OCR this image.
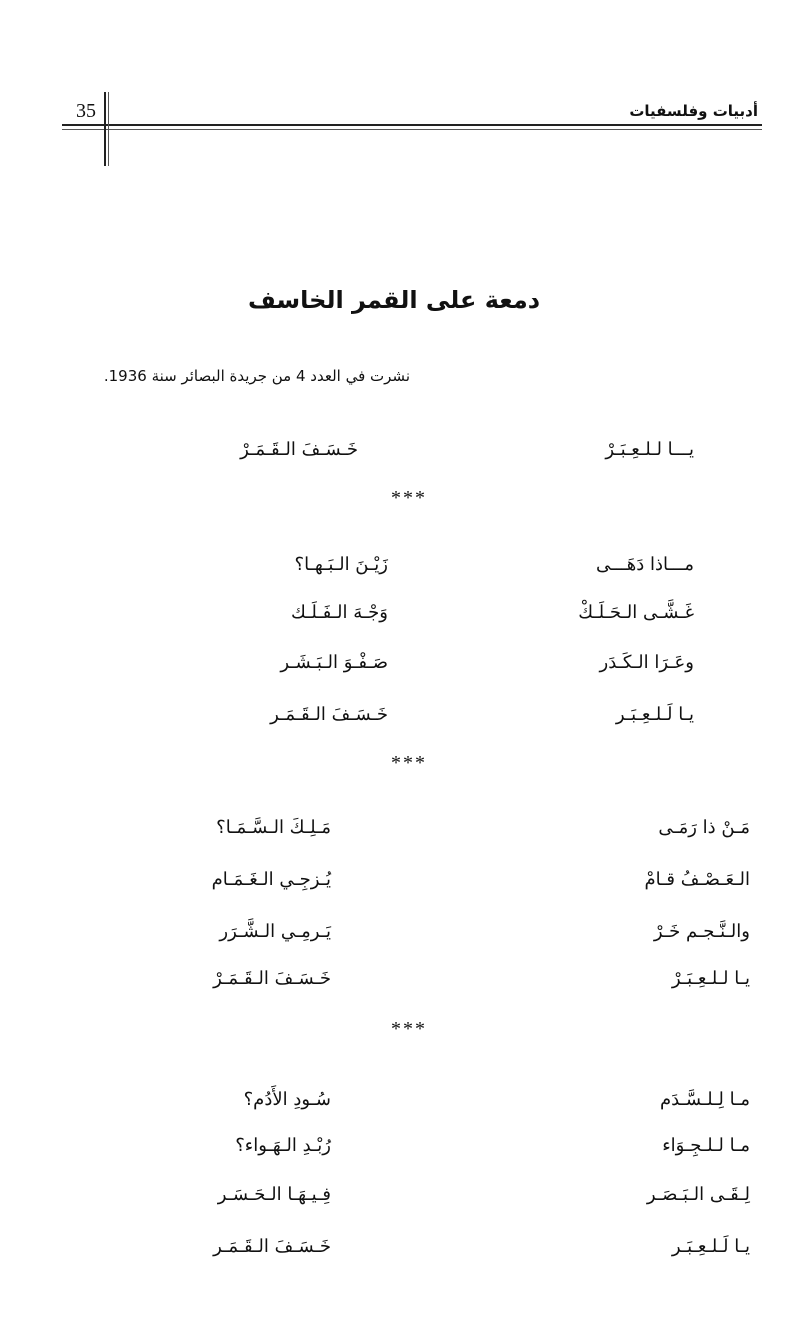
35	أدبيات وفلسفيات
دمعة على القمر الخاسف
نشرت في العدد 4 من جريدة البصائر سنة 1936.
يـــا لـلـعِـبَـرْ
خَـسَـفَ الـقَـمَـرْ
***
مـــاذا دَهَـــى
زَيْـنَ الـبَـهـا؟
غَـشَّـى الـحَـلَـكْ
وَجْـهَ الـفَـلَـك
وعَـرَا الـكَـدَر
صَـفْـوَ الـبَـشَـر
يـا لَـلـعِـبَـر
خَـسَـفَ الـقَـمَـر
***
مَـنْ ذا رَمَـى
مَـلِـكَ الـسَّـمَـا؟
الـعَـصْـفُ قـامْ
يُـزجِـي الـغَـمَـام
والـنَّـجـم خَـرْ
يَـرمِـي الـشَّـرَر
يـا لـلـعِـبَـرْ
خَـسَـفَ الـقَـمَـرْ
***
مـا لِـلـسَّـدَم
سُـودِ الأَدُم؟
مـا لـلـجِـوَاء
رُبْـدِ الـهَـواء؟
لِـقَـى الـبَـصَـر
فِـيـهَـا الـحَـسَـر
يـا لَـلـعِـبَـر
خَـسَـفَ الـقَـمَـر
